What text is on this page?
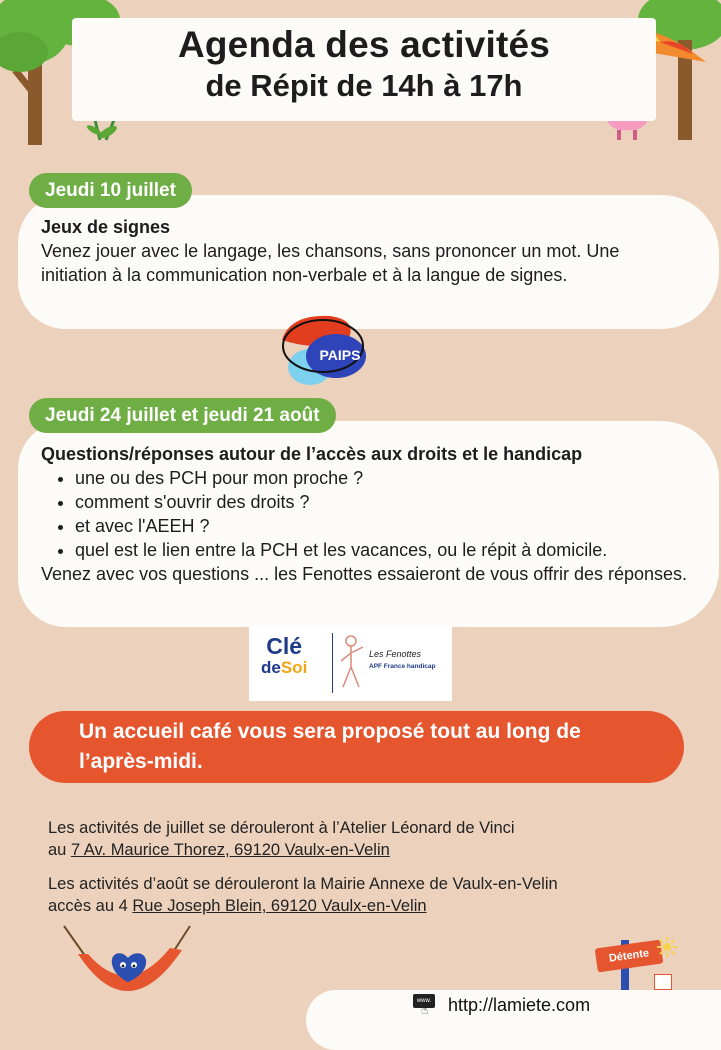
Agenda des activités
de Répit de 14h à 17h
Jeux de signes

Venez jouer avec le langage, les chansons, sans prononcer un mot. Une initiation à la communication non-verbale et à la langue de signes.

Jeudi 10 juillet
PAIPS
Questions/réponses autour de l’accès aux droits et le handicap
• une ou des PCH pour mon proche ?
• comment s'ouvrir des droits ?
• et avec l'AEEH ?
• quel est le lien entre la PCH et les vacances, ou le répit à domicile.

Venez avec vos questions ... les Fenottes essaieront de vous offrir des réponses.

Jeudi 24 juillet et jeudi 21 août
Clé
deSoi
Les Fenottes
APF France handicap
Un accueil café vous sera proposé tout au long de l’après-midi.
Les activités de juillet se dérouleront à l’Atelier Léonard de Vinci
au 7 Av. Maurice Thorez, 69120 Vaulx-en-Velin
Les activités d’août se dérouleront la Mairie Annexe de Vaulx-en-Velin
accès au 4 Rue Joseph Blein, 69120 Vaulx-en-Velin
Détente
www.
☝ http://lamiete.com
